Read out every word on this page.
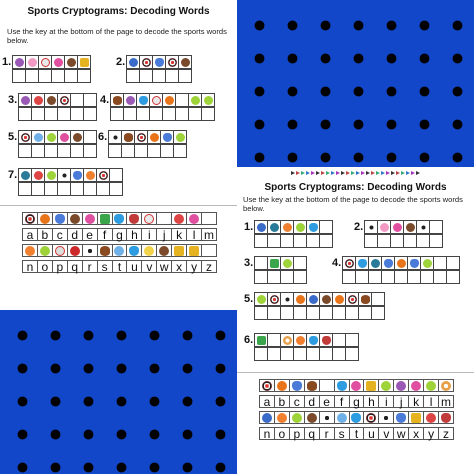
Sports Cryptograms: Decoding Words
Use the key at the bottom of the page to decode the sports words below.
1.	2.
3.	4.
5.	6.
7.
a b c d e f g h i j k l m
n o p q r s t u v w x y z
Sports Cryptograms: Decoding Words
Use the key at the bottom of the page to decode the sports words below.
1.	2.
3.	4.
5.
6.
a b c d e f g h i j k l m
n o p q r s t u v w x y z
